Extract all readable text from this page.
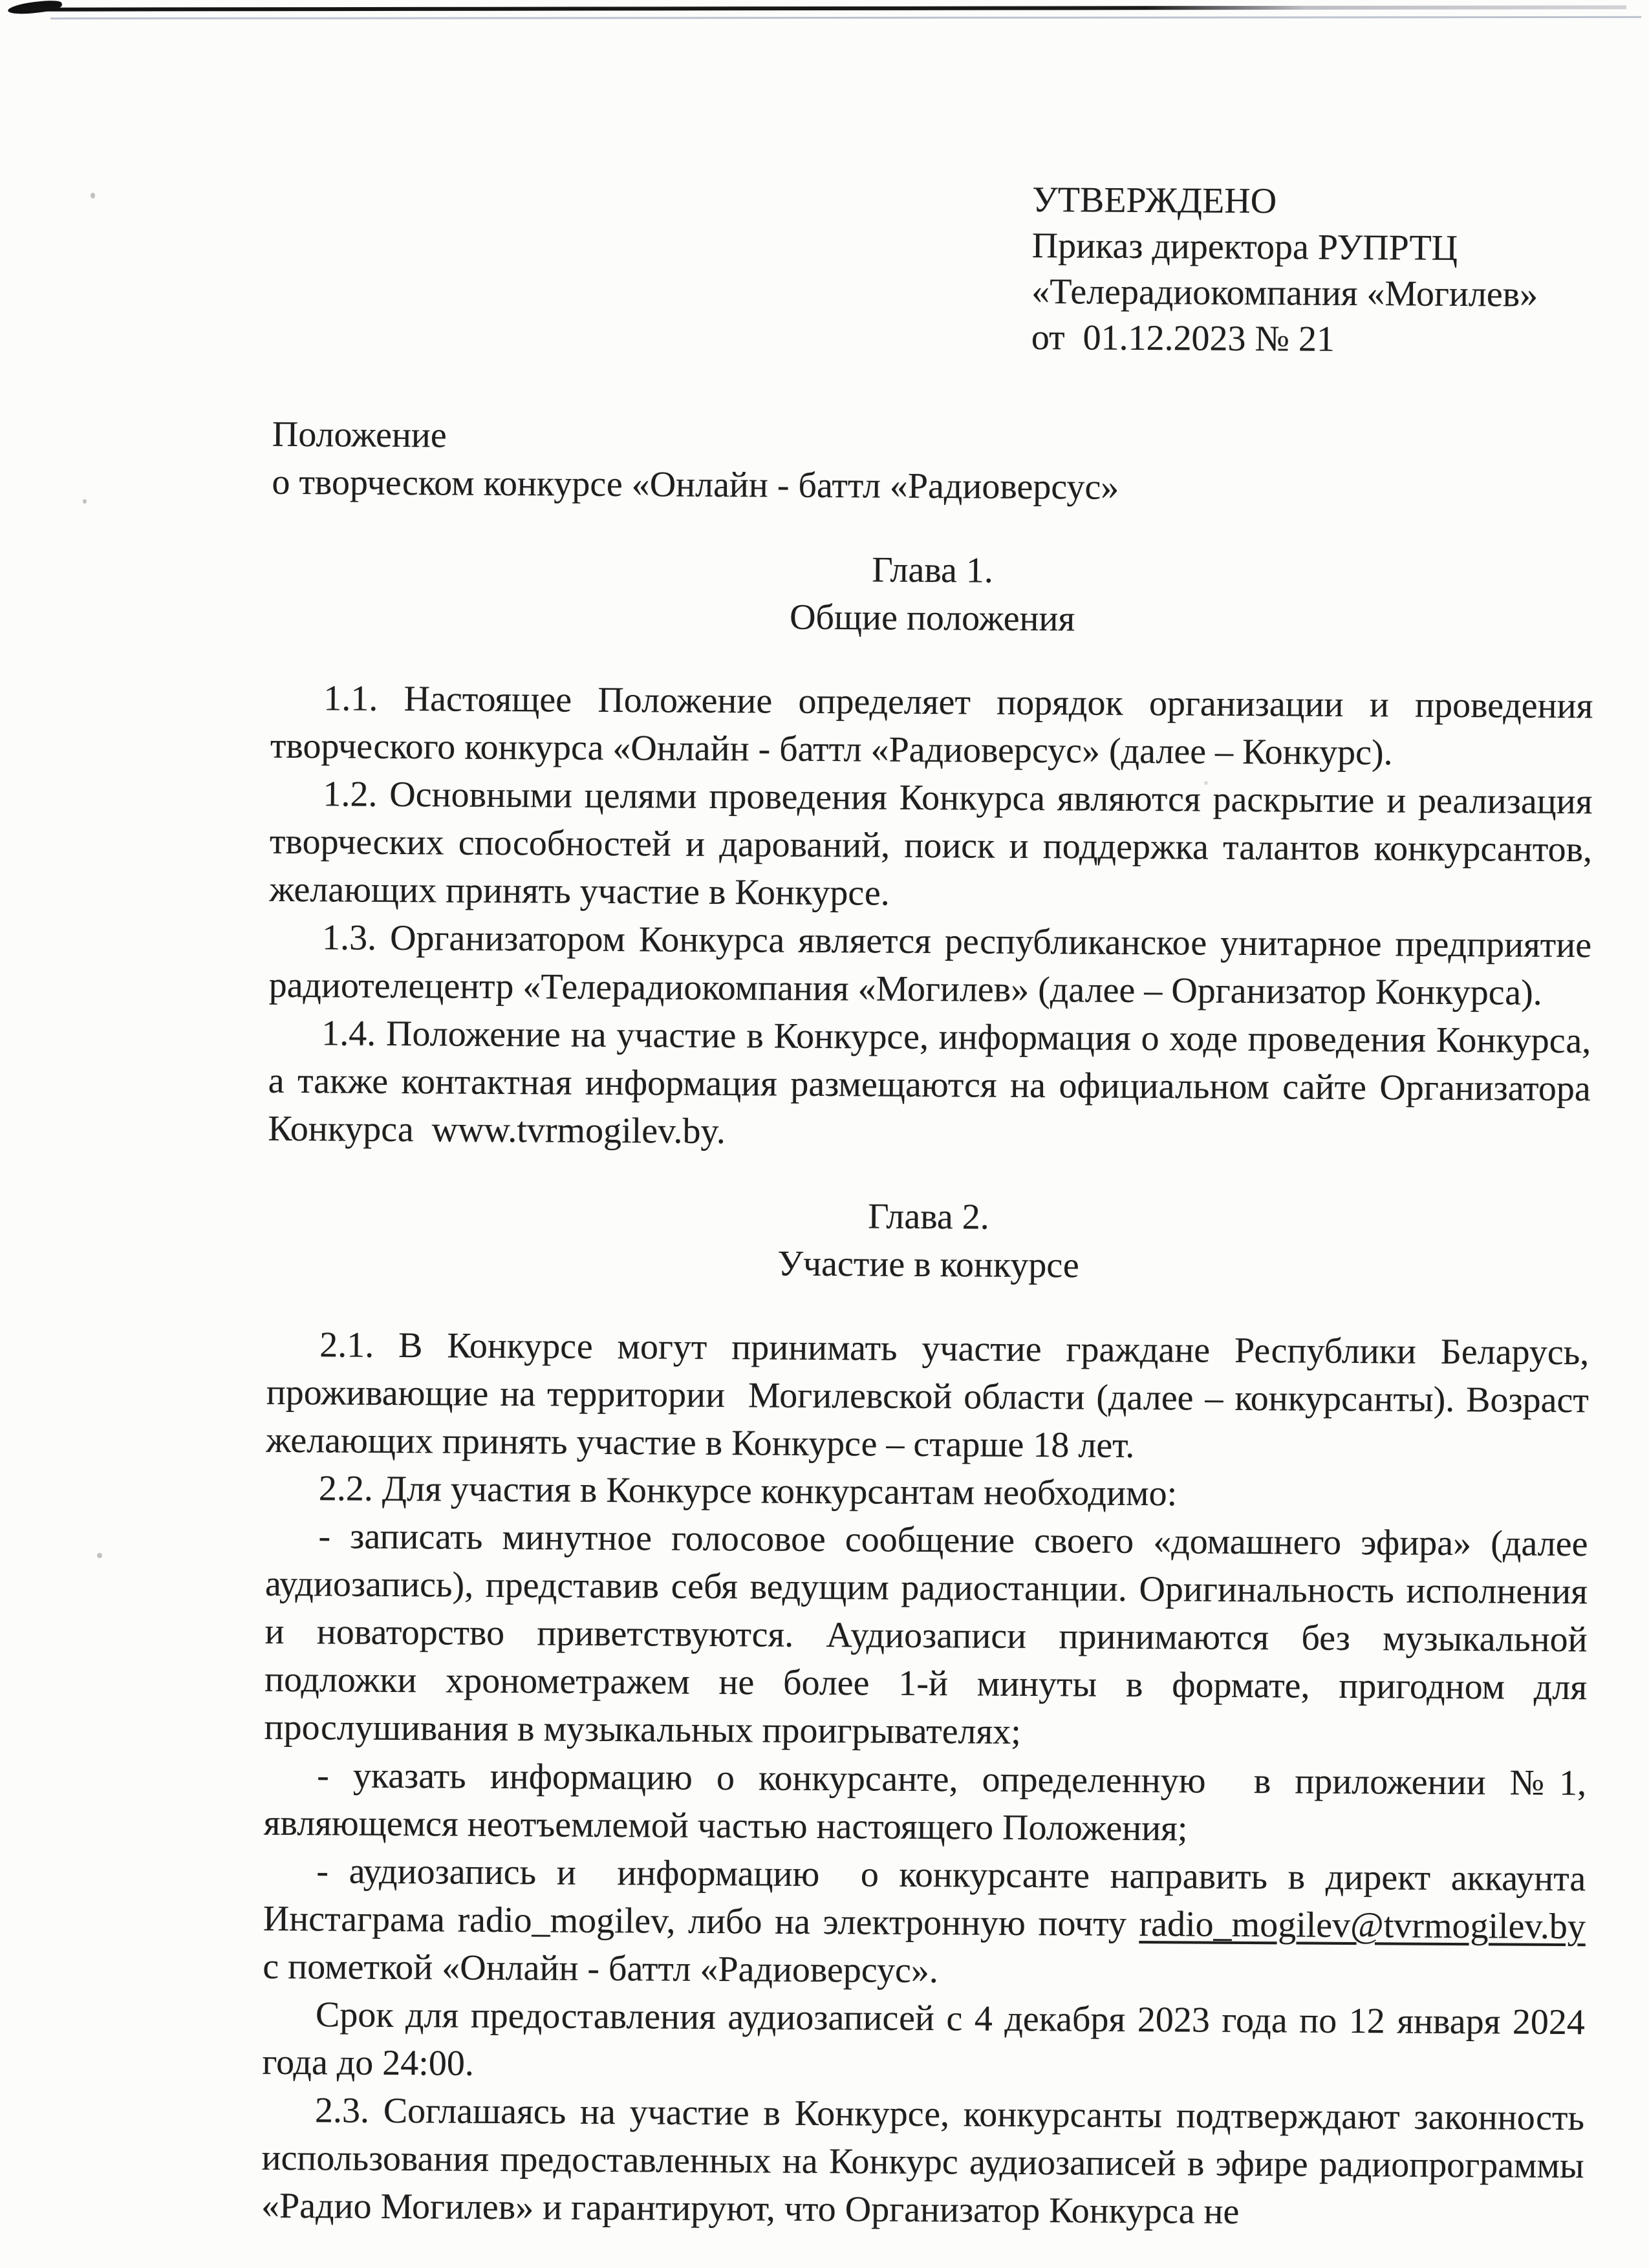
УТВЕРЖДЕНО
Приказ директора РУПРТЦ
«Телерадиокомпания «Могилев»
от  01.12.2023 № 21
Положение
о творческом конкурсе «Онлайн - баттл «Радиоверсус»
Глава 1.
Общие положения
1.1. Настоящее Положение определяет порядок организации и проведения творческого конкурса «Онлайн - баттл «Радиоверсус» (далее – Конкурс).
1.2. Основными целями проведения Конкурса являются раскрытие и реализация творческих способностей и дарований, поиск и поддержка талантов конкурсантов, желающих принять участие в Конкурсе.
1.3. Организатором Конкурса является республиканское унитарное предприятие радиотелецентр «Телерадиокомпания «Могилев» (далее – Организатор Конкурса).
1.4. Положение на участие в Конкурсе, информация о ходе проведения Конкурса, а также контактная информация размещаются на официальном сайте Организатора Конкурса  www.tvrmogilev.by.
Глава 2.
Участие в конкурсе
2.1. В Конкурсе могут принимать участие граждане Республики Беларусь, проживающие на территории  Могилевской области (далее – конкурсанты). Возраст желающих принять участие в Конкурсе – старше 18 лет.
2.2. Для участия в Конкурсе конкурсантам необходимо:
- записать минутное голосовое сообщение своего «домашнего эфира» (далее аудиозапись), представив себя ведущим радиостанции. Оригинальность исполнения и новаторство приветствуются. Аудиозаписи принимаются без музыкальной подложки хронометражем не более 1-й минуты в формате, пригодном для прослушивания в музыкальных проигрывателях;
- указать информацию о конкурсанте, определенную  в приложении №1, являющемся неотъемлемой частью настоящего Положения;
- аудиозапись и  информацию  о конкурсанте направить в директ аккаунта Инстаграма radio_mogilev, либо на электронную почту radio_mogilev@tvrmogilev.by с пометкой «Онлайн - баттл «Радиоверсус».
Срок для предоставления аудиозаписей с 4 декабря 2023 года по 12 января 2024 года до 24:00.
2.3. Соглашаясь на участие в Конкурсе, конкурсанты подтверждают законность использования предоставленных на Конкурс аудиозаписей в эфире радиопрограммы «Радио Могилев» и гарантируют, что Организатор Конкурса не
